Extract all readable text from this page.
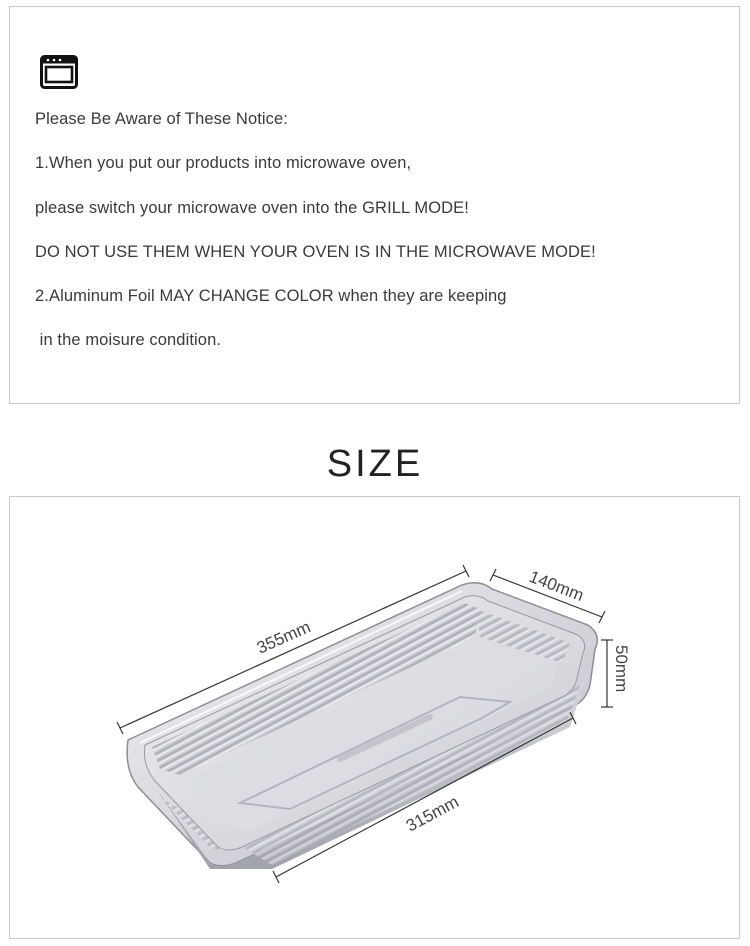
Please Be Aware of These Notice:
1.When you put our products into microwave oven,
please switch your microwave oven into the GRILL MODE!
DO NOT USE THEM WHEN YOUR OVEN IS IN THE MICROWAVE MODE!
2.Aluminum Foil MAY CHANGE COLOR when they are keeping
in the moisure condition.
SIZE
355mm
140mm
50mm
315mm
